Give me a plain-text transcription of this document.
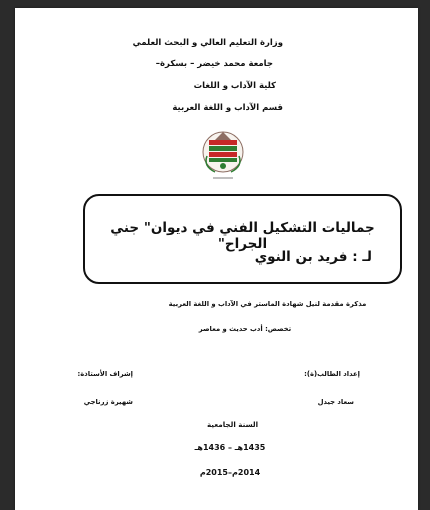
وزارة التعليم العالي و البحث العلمي
جامعة محمد خيضر – بسكرة–
كلية الآداب و اللغات
قسم الآداب و اللغة العربية
جماليات التشكيل الفني في ديوان" جني الجراح"
لـ : فريد بن النوي
مذكرة مقدمة لنيل شهادة الماستر في الآداب و اللغة العربية
تخصص: أدب حديث و معاصر
إعداد الطالب(ة):
إشراف الأستاذة:
سعاد جيدل
شهيرة زرناجي
السنة الجامعية
1435هـ – 1436هـ
2014م–2015م
